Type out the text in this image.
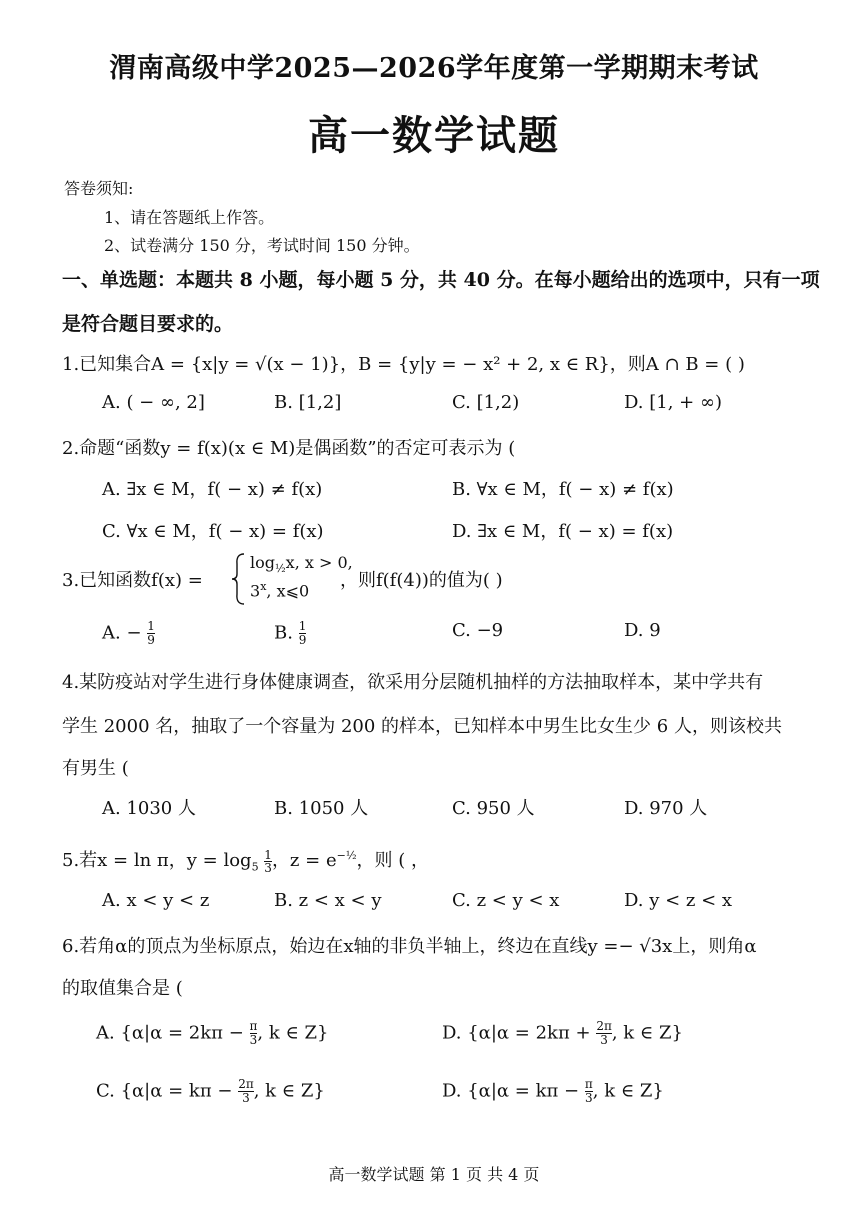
渭南高级中学2025—2026学年度第一学期期末考试
高一数学试题
答卷须知:
1、请在答题纸上作答。
2、试卷满分 150 分，考试时间 150 分钟。
一、单选题：本题共 8 小题，每小题 5 分，共 40 分。在每小题给出的选项中，只有一项
是符合题目要求的。
1.已知集合A = {x|y = √(x − 1)}，B = {y|y = − x² + 2, x ∈ R}，则A ∩ B = ( )
A. ( − ∞, 2]	B. [1,2]	C. [1,2)	D. [1, + ∞)
2.命题“函数y = f(x)(x ∈ M)是偶函数”的否定可表示为 (
A. ∃x ∈ M，f( − x) ≠ f(x)	B. ∀x ∈ M，f( − x) ≠ f(x)
C. ∀x ∈ M，f( − x) = f(x)	D. ∃x ∈ M，f( − x) = f(x)
3.已知函数f(x) =
$\log_{\frac{1}{2}}x$, x > 0,
3$^x$, x⩽0 ，则f(f(4))的值为( )
A. − $\frac{1}{9}$	B. $\frac{1}{9}$	C. −9	D. 9
4.某防疫站对学生进行身体健康调查，欲采用分层随机抽样的方法抽取样本，某中学共有
学生 2000 名，抽取了一个容量为 200 的样本，已知样本中男生比女生少 6 人，则该校共
有男生 (
A. 1030 人	B. 1050 人	C. 950 人	D. 970 人
5.若x = ln π，$y = \log_5 \frac{1}{3}$ ，$z = e^{-\frac{1}{2}}$，则 ( ，
A. x < y < z	B. z < x < y	C. z < y < x	D. y < z < x
6.若角α的顶点为坐标原点，始边在x轴的非负半轴上，终边在直线y =− √3x上，则角α
的取值集合是 (
A. {$\alpha|\alpha = 2k\pi - \frac{\pi}{3}$ , k ∈ Z}	D. {$\alpha|\alpha = 2k\pi + \frac{2\pi}{3}$ , k ∈ Z}
C. {$\alpha|\alpha = k\pi - \frac{2\pi}{3}$ , k ∈ Z}	D. {$\alpha|\alpha = k\pi - \frac{\pi}{3}$ , k ∈ Z}
高一数学试题 第 1 页 共 4 页
